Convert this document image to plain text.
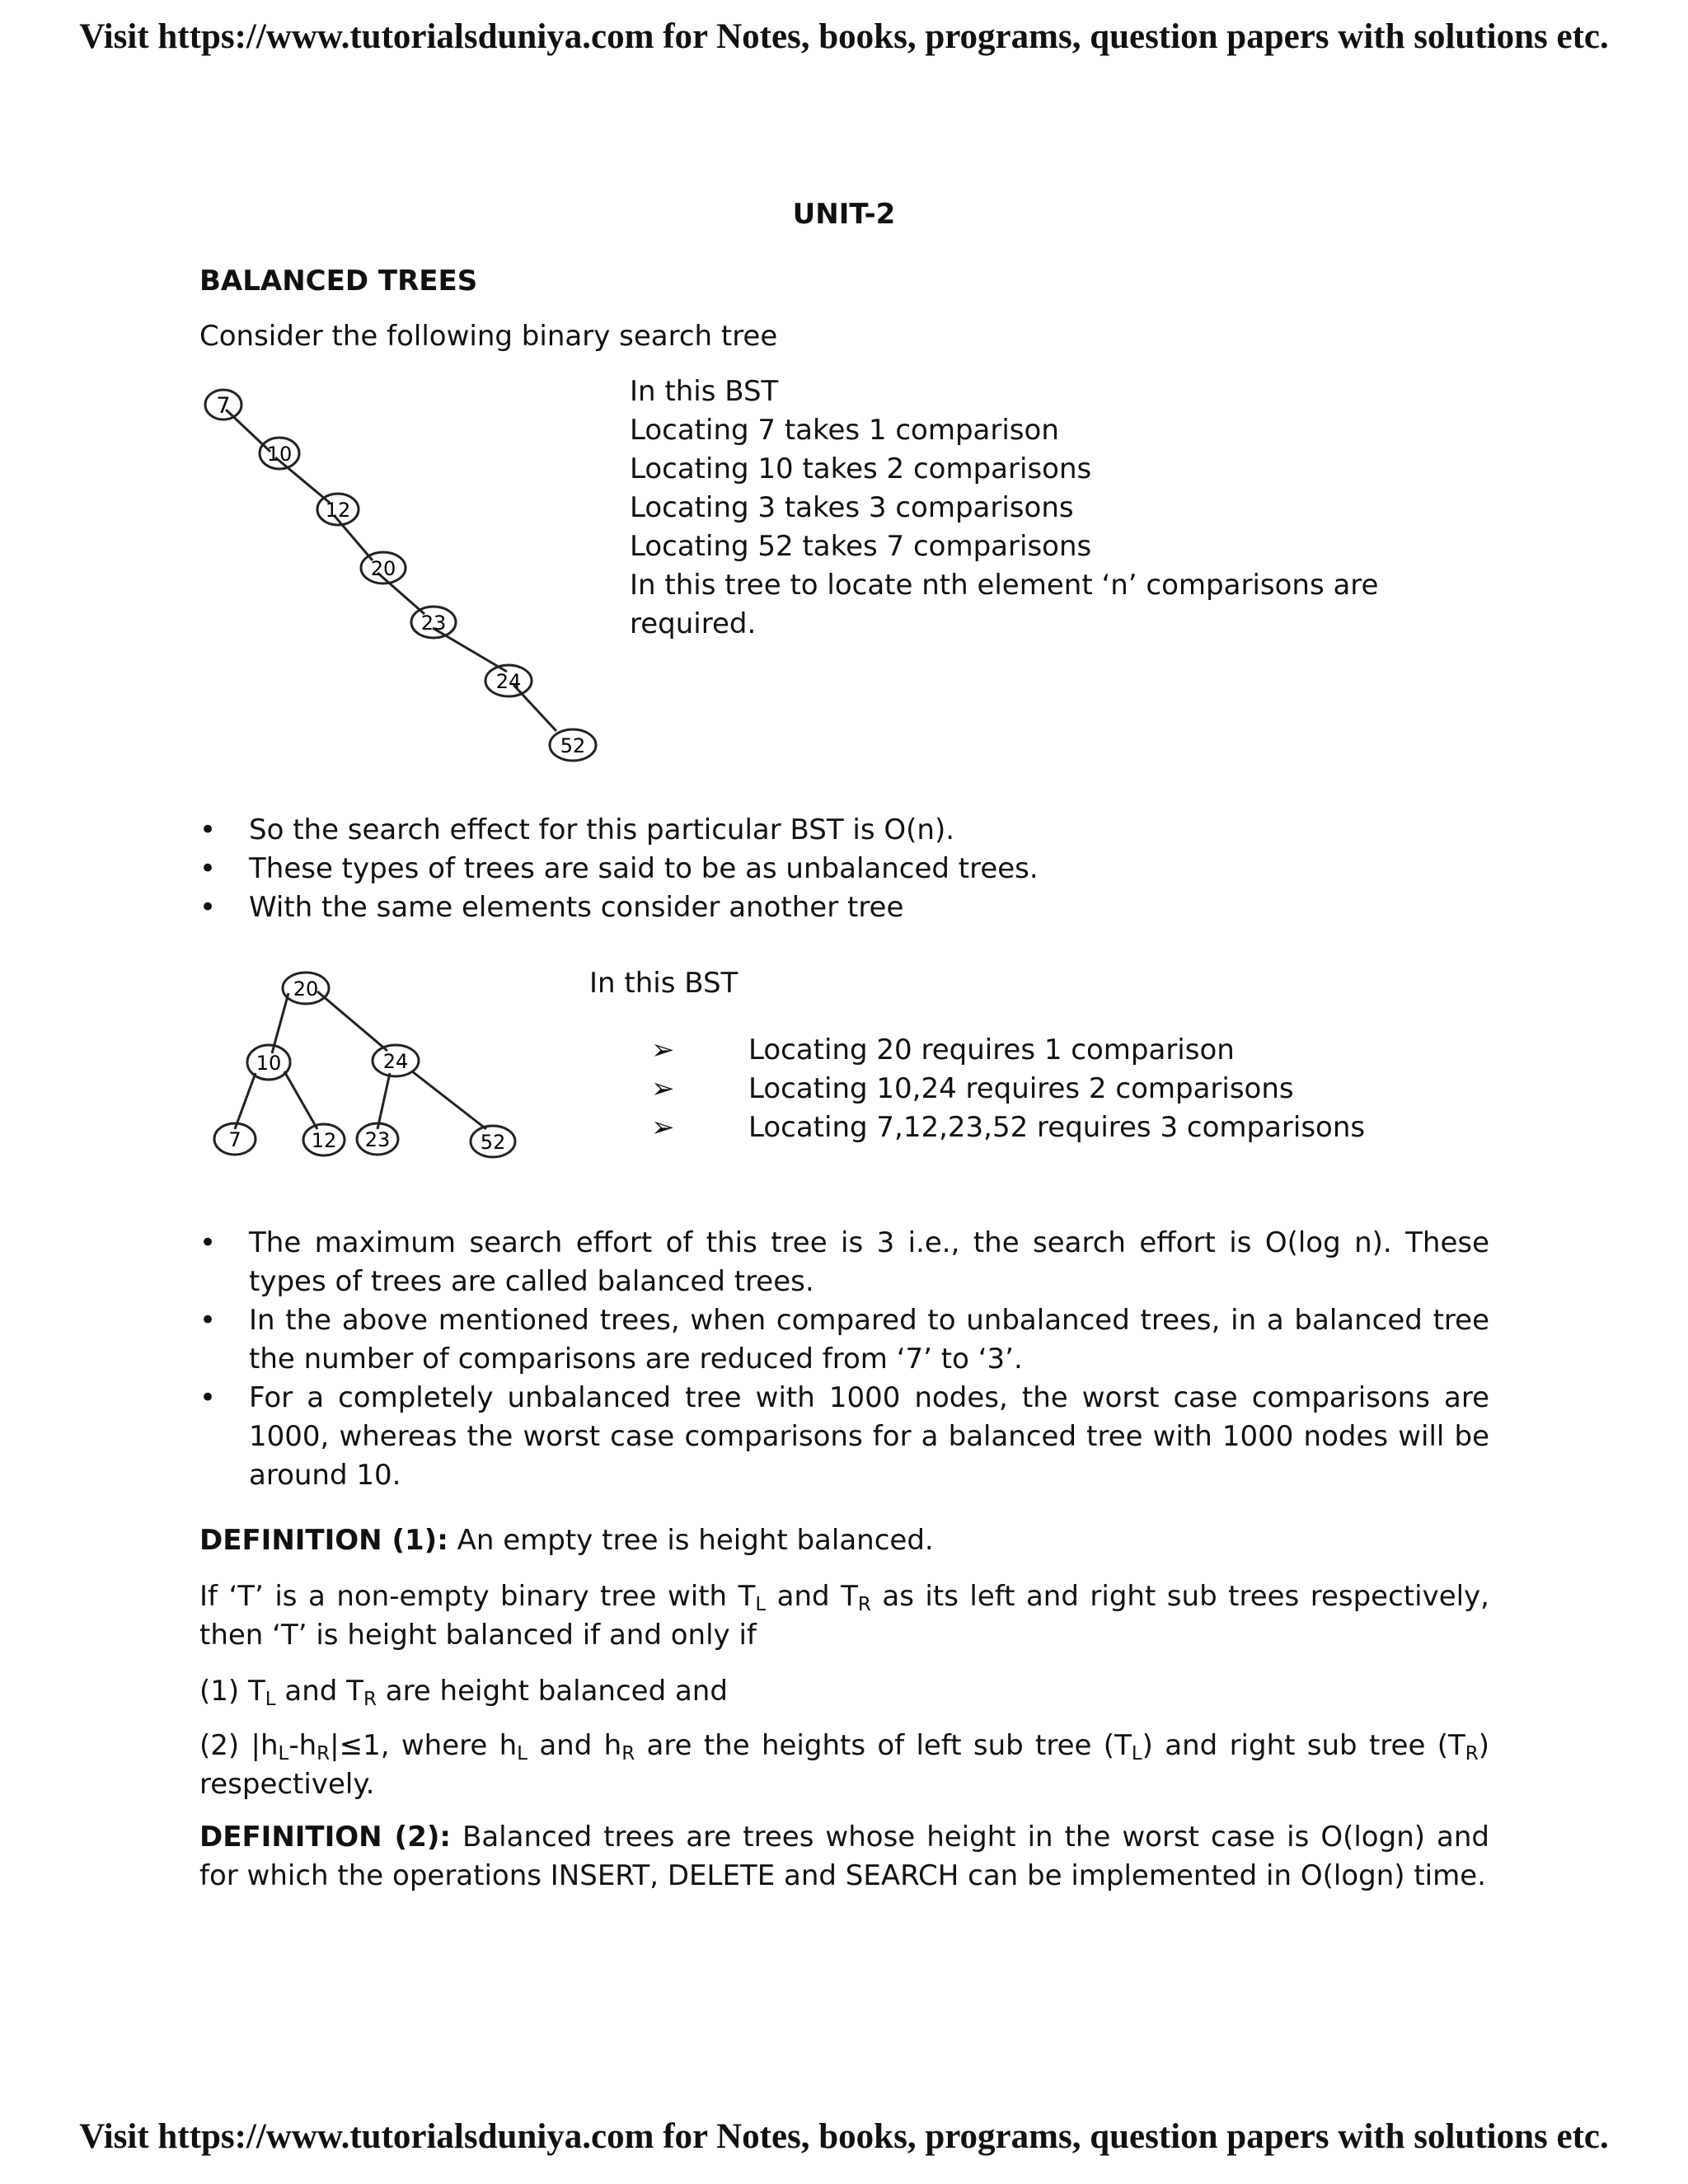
Visit https://www.tutorialsduniya.com for Notes, books, programs, question papers with solutions etc.
UNIT-2
BALANCED TREES
Consider the following binary search tree
7
10
12
20
23
24
52
In this BST
Locating 7 takes 1 comparison
Locating 10 takes 2 comparisons
Locating 3 takes 3 comparisons
Locating 52 takes 7 comparisons
In this tree to locate nth element ‘n’ comparisons are required.
• So the search effect for this particular BST is O(n).
• These types of trees are said to be as unbalanced trees.
• With the same elements consider another tree
20
10	24
7	12 23	52
In this BST
➢	Locating 20 requires 1 comparison
➢	Locating 10,24 requires 2 comparisons
➢	Locating 7,12,23,52 requires 3 comparisons
• The maximum search effort of this tree is 3 i.e., the search effort is O(log n). These types of trees are called balanced trees.
• In the above mentioned trees, when compared to unbalanced trees, in a balanced tree the number of comparisons are reduced from ‘7’ to ‘3’.
• For a completely unbalanced tree with 1000 nodes, the worst case comparisons are 1000, whereas the worst case comparisons for a balanced tree with 1000 nodes will be around 10.
DEFINITION (1): An empty tree is height balanced.
If ‘T’ is a non-empty binary tree with $T_L$ and $T_R$ as its left and right sub trees respectively, then ‘T’ is height balanced if and only if
(1) $T_L$ and $T_R$ are height balanced and
(2) $|h_L-h_R|\le 1$, where $h_L$ and $h_R$ are the heights of left sub tree $(T_L)$ and right sub tree $(T_R)$ respectively.
DEFINITION (2): Balanced trees are trees whose height in the worst case is O(logn) and for which the operations INSERT, DELETE and SEARCH can be implemented in O(logn) time.
Visit https://www.tutorialsduniya.com for Notes, books, programs, question papers with solutions etc.
